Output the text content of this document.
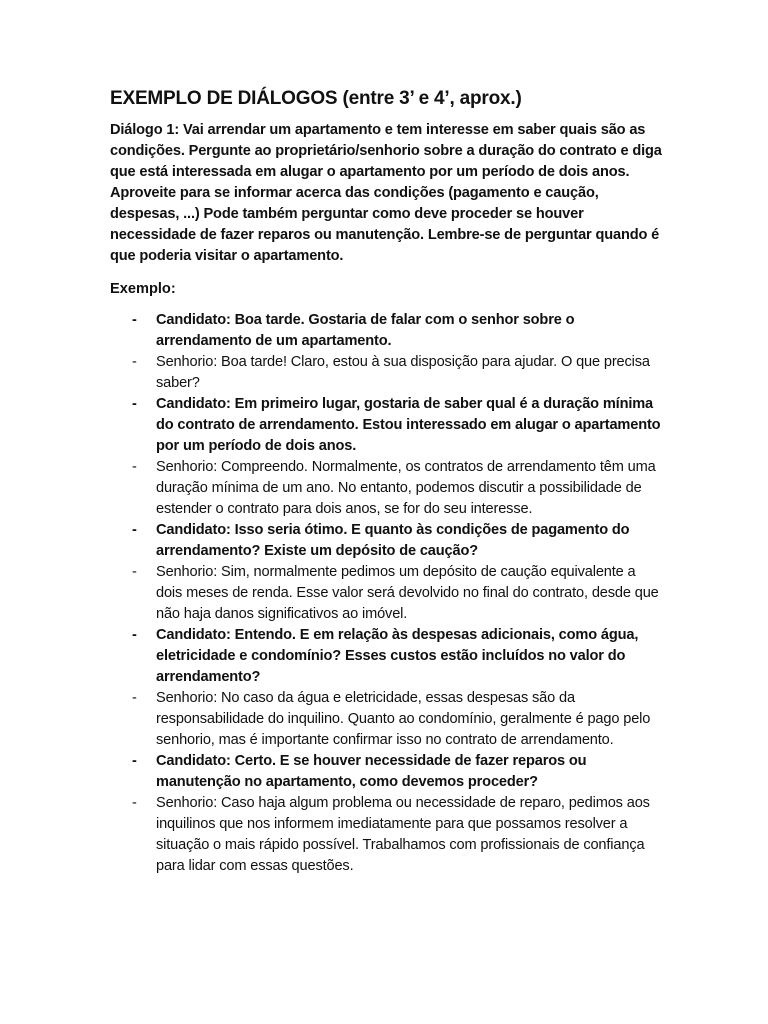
EXEMPLO DE DIÁLOGOS (entre 3’ e 4’, aprox.)

Diálogo 1: Vai arrendar um apartamento e tem interesse em saber quais são as condições. Pergunte ao proprietário/senhorio sobre a duração do contrato e diga que está interessada em alugar o apartamento por um período de dois anos. Aproveite para se informar acerca das condições (pagamento e caução, despesas, ...) Pode também perguntar como deve proceder se houver necessidade de fazer reparos ou manutenção. Lembre-se de perguntar quando é que poderia visitar o apartamento.

Exemplo:

- Candidato: Boa tarde. Gostaria de falar com o senhor sobre o arrendamento de um apartamento.
- Senhorio: Boa tarde! Claro, estou à sua disposição para ajudar. O que precisa saber?
- Candidato: Em primeiro lugar, gostaria de saber qual é a duração mínima do contrato de arrendamento. Estou interessado em alugar o apartamento por um período de dois anos.
- Senhorio: Compreendo. Normalmente, os contratos de arrendamento têm uma duração mínima de um ano. No entanto, podemos discutir a possibilidade de estender o contrato para dois anos, se for do seu interesse.
- Candidato: Isso seria ótimo. E quanto às condições de pagamento do arrendamento? Existe um depósito de caução?
- Senhorio: Sim, normalmente pedimos um depósito de caução equivalente a dois meses de renda. Esse valor será devolvido no final do contrato, desde que não haja danos significativos ao imóvel.
- Candidato: Entendo. E em relação às despesas adicionais, como água, eletricidade e condomínio? Esses custos estão incluídos no valor do arrendamento?
- Senhorio: No caso da água e eletricidade, essas despesas são da responsabilidade do inquilino. Quanto ao condomínio, geralmente é pago pelo senhorio, mas é importante confirmar isso no contrato de arrendamento.
- Candidato: Certo. E se houver necessidade de fazer reparos ou manutenção no apartamento, como devemos proceder?
- Senhorio: Caso haja algum problema ou necessidade de reparo, pedimos aos inquilinos que nos informem imediatamente para que possamos resolver a situação o mais rápido possível. Trabalhamos com profissionais de confiança para lidar com essas questões.
